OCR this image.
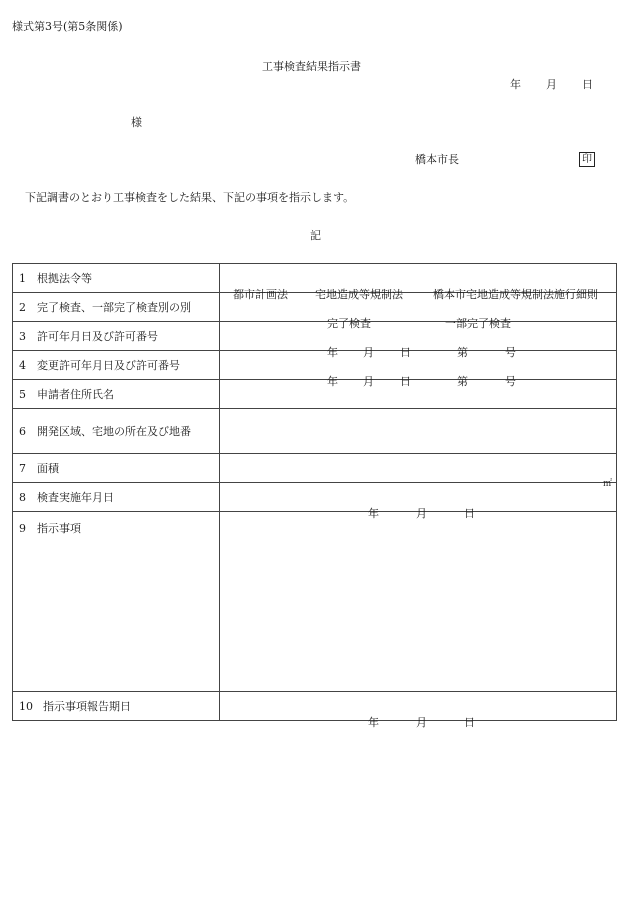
様式第3号(第5条関係)
工事検査結果指示書
年 月 日
様
橋本市長	印
下記調書のとおり工事検査をした結果、下記の事項を指示します。
記
1 根拠法令等	都市計画法 宅地造成等規制法 橋本市宅地造成等規制法施行細則

2 完了検査、一部完了検査別の別	完了検査 一部完了検査

3 許可年月日及び許可番号	年 月 日 第 号

4 変更許可年月日及び許可番号	年 月 日 第 号

5 申請者住所氏名	
6 開発区域、宅地の所在及び地番	
7 面積	㎡

8 検査実施年月日	年 月 日

9 指示事項	
10 指示事項報告期日	年 月 日
